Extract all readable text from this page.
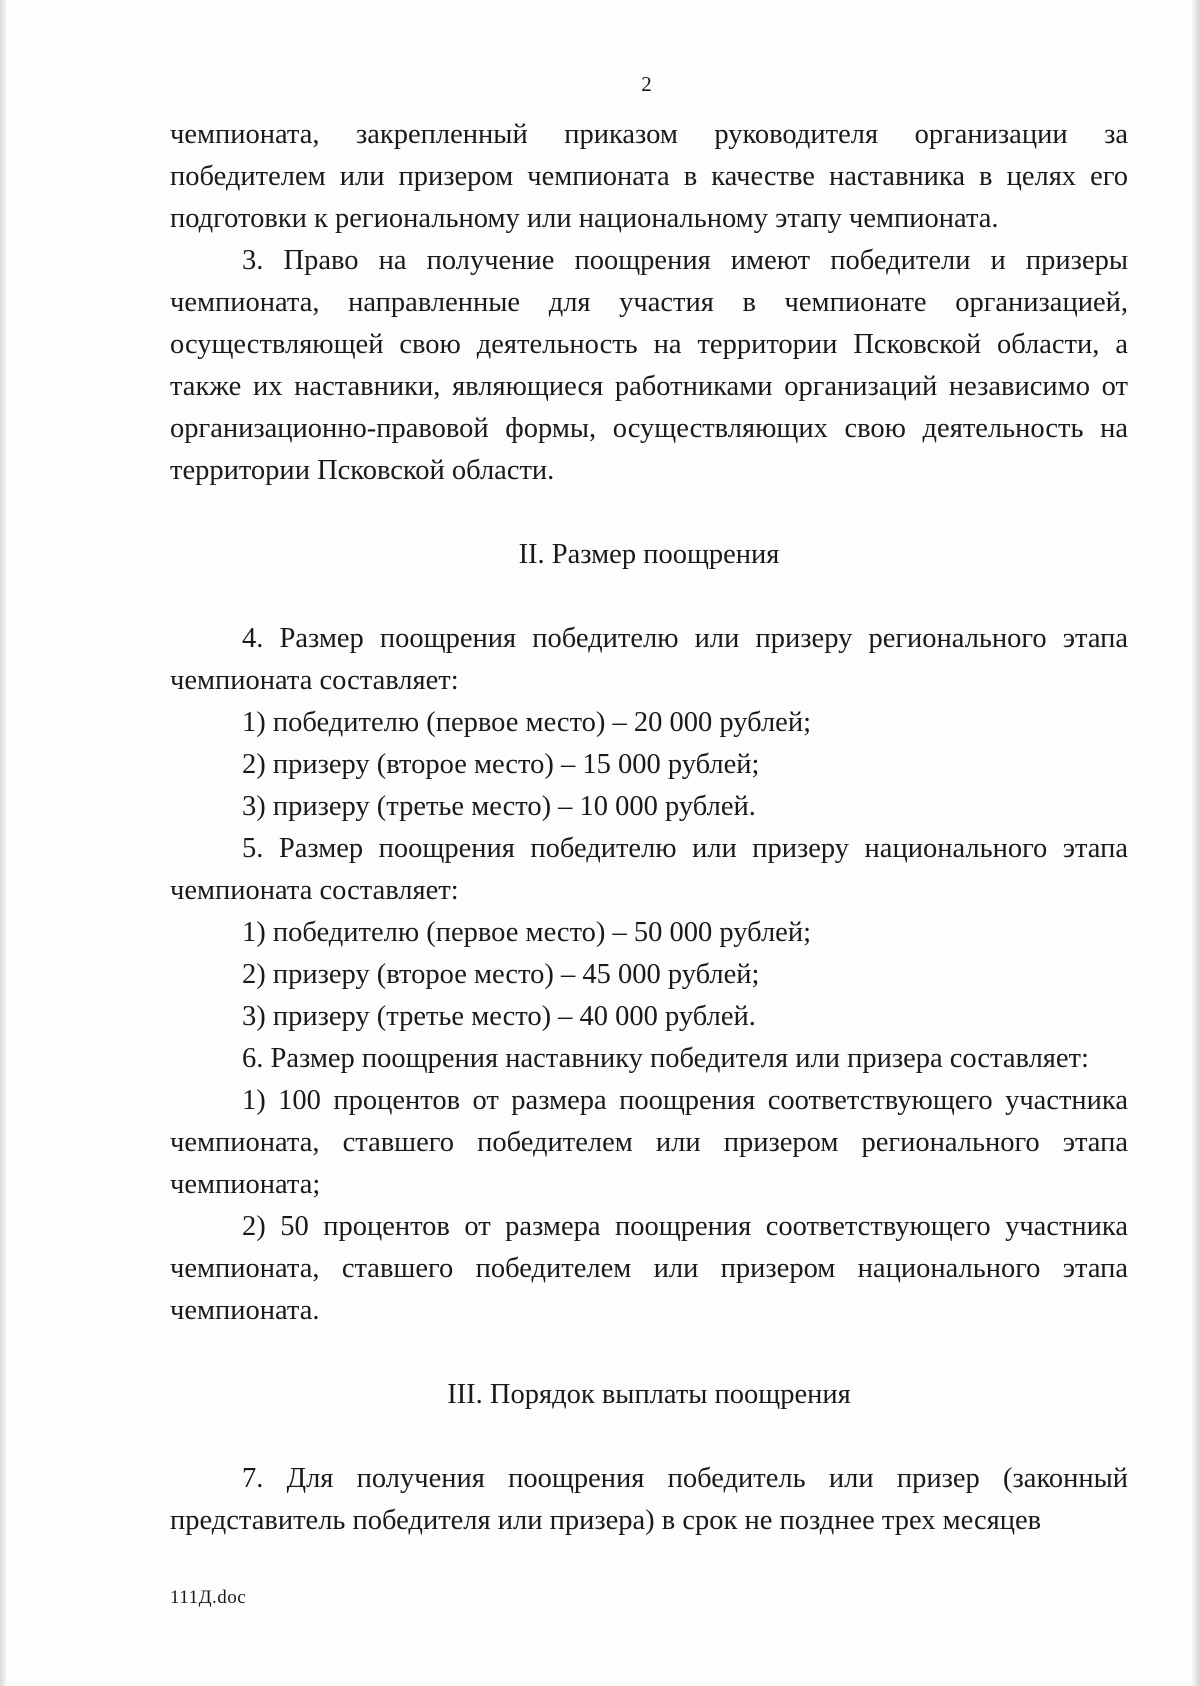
2

чемпионата, закрепленный приказом руководителя организации за победителем или призером чемпионата в качестве наставника в целях его подготовки к региональному или национальному этапу чемпионата.

3. Право на получение поощрения имеют победители и призеры чемпионата, направленные для участия в чемпионате организацией, осуществляющей свою деятельность на территории Псковской области, а также их наставники, являющиеся работниками организаций независимо от организационно-правовой формы, осуществляющих свою деятельность на территории Псковской области.

II. Размер поощрения

4. Размер поощрения победителю или призеру регионального этапа чемпионата составляет:

1) победителю (первое место) – 20 000 рублей;

2) призеру (второе место) – 15 000 рублей;

3) призеру (третье место) – 10 000 рублей.

5. Размер поощрения победителю или призеру национального этапа чемпионата составляет:

1) победителю (первое место) – 50 000 рублей;

2) призеру (второе место) – 45 000 рублей;

3) призеру (третье место) – 40 000 рублей.

6. Размер поощрения наставнику победителя или призера составляет:

1) 100 процентов от размера поощрения соответствующего участника чемпионата, ставшего победителем или призером регионального этапа чемпионата;

2) 50 процентов от размера поощрения соответствующего участника чемпионата, ставшего победителем или призером национального этапа чемпионата.

III. Порядок выплаты поощрения

7. Для получения поощрения победитель или призер (законный представитель победителя или призера) в срок не позднее трех месяцев

111Д.doc
